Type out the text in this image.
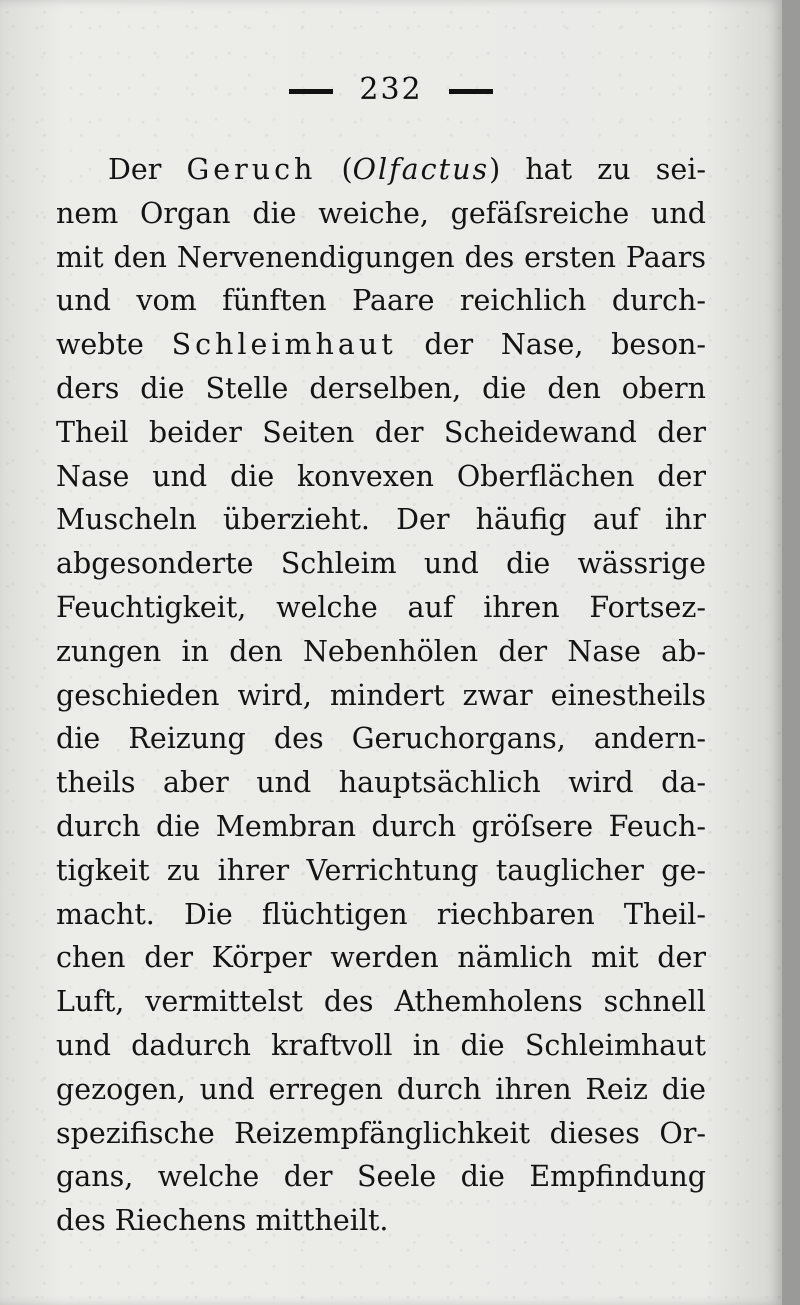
232
Der Geruch (Olfactus) hat zu sei-
nem Organ die weiche, gefäſsreiche und
mit den Nervenendigungen des ersten Paars
und vom fünften Paare reichlich durch-
webte Schleimhaut der Nase, beson-
ders die Stelle derselben, die den obern
Theil beider Seiten der Scheidewand der
Nase und die konvexen Oberflächen der
Muscheln überzieht. Der häufig auf ihr
abgesonderte Schleim und die wässrige
Feuchtigkeit, welche auf ihren Fortsez-
zungen in den Nebenhölen der Nase ab-
geschieden wird, mindert zwar einestheils
die Reizung des Geruchorgans, andern-
theils aber und hauptsächlich wird da-
durch die Membran durch gröſsere Feuch-
tigkeit zu ihrer Verrichtung tauglicher ge-
macht. Die flüchtigen riechbaren Theil-
chen der Körper werden nämlich mit der
Luft, vermittelst des Athemholens schnell
und dadurch kraftvoll in die Schleimhaut
gezogen, und erregen durch ihren Reiz die
spezifische Reizempfänglichkeit dieses Or-
gans, welche der Seele die Empfindung
des Riechens mittheilt.
